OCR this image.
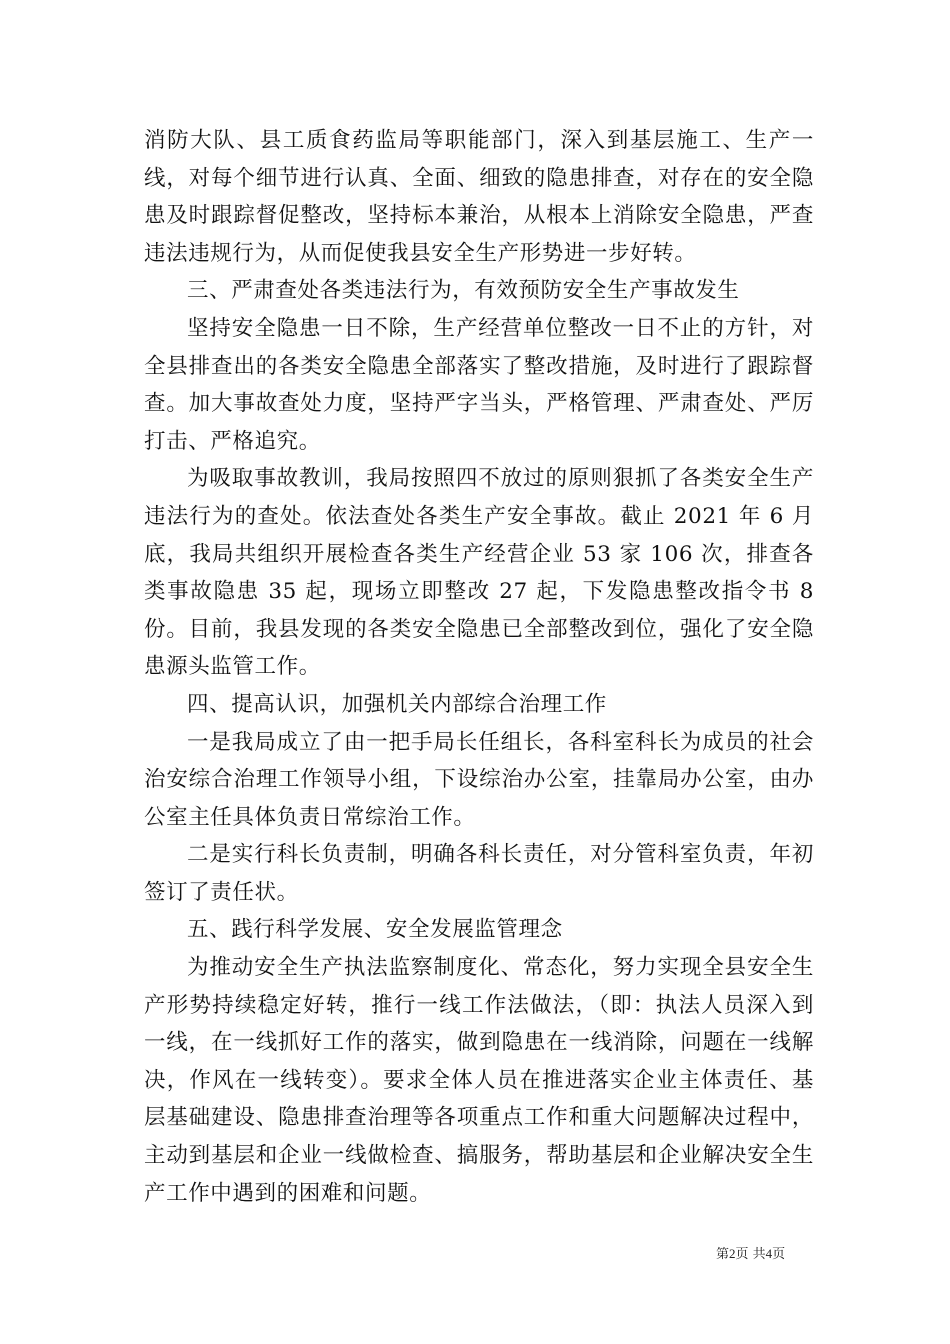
消防大队、县工质食药监局等职能部门，深入到基层施工、生产一线，对每个细节进行认真、全面、细致的隐患排查，对存在的安全隐患及时跟踪督促整改，坚持标本兼治，从根本上消除安全隐患，严查违法违规行为，从而促使我县安全生产形势进一步好转。

三、严肃查处各类违法行为，有效预防安全生产事故发生

坚持安全隐患一日不除，生产经营单位整改一日不止的方针，对全县排查出的各类安全隐患全部落实了整改措施，及时进行了跟踪督查。加大事故查处力度，坚持严字当头，严格管理、严肃查处、严厉打击、严格追究。

为吸取事故教训，我局按照四不放过的原则狠抓了各类安全生产违法行为的查处。依法查处各类生产安全事故。截止 2021 年 6 月底，我局共组织开展检查各类生产经营企业 53 家 106 次，排查各类事故隐患 35 起，现场立即整改 27 起，下发隐患整改指令书 8 份。目前，我县发现的各类安全隐患已全部整改到位，强化了安全隐患源头监管工作。

四、提高认识，加强机关内部综合治理工作

一是我局成立了由一把手局长任组长，各科室科长为成员的社会治安综合治理工作领导小组，下设综治办公室，挂靠局办公室，由办公室主任具体负责日常综治工作。

二是实行科长负责制，明确各科长责任，对分管科室负责，年初签订了责任状。

五、践行科学发展、安全发展监管理念

为推动安全生产执法监察制度化、常态化，努力实现全县安全生产形势持续稳定好转，推行一线工作法做法，（即：执法人员深入到一线，在一线抓好工作的落实，做到隐患在一线消除，问题在一线解决，作风在一线转变）。要求全体人员在推进落实企业主体责任、基层基础建设、隐患排查治理等各项重点工作和重大问题解决过程中，主动到基层和企业一线做检查、搞服务，帮助基层和企业解决安全生产工作中遇到的困难和问题。

第2页 共4页
